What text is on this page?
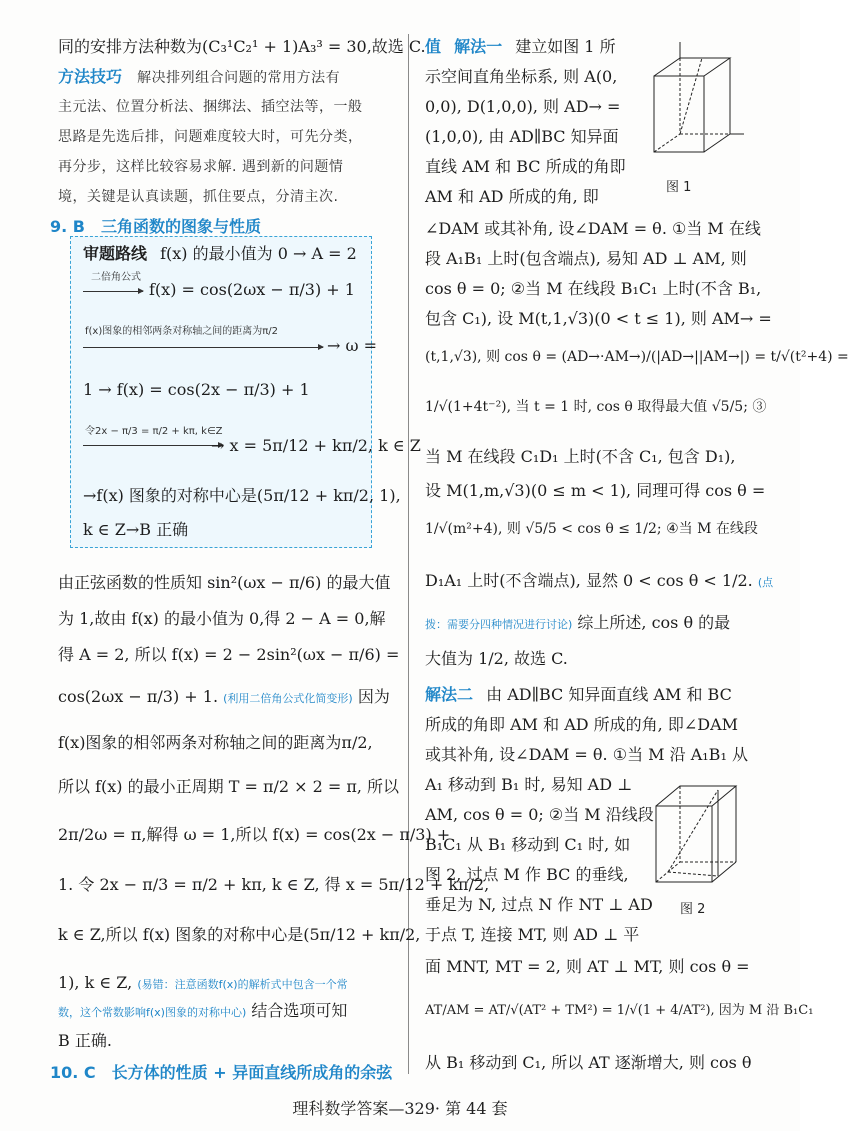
同的安排方法种数为(C₃¹C₂¹ + 1)A₃³ = 30,故选 C.
方法技巧 解决排列组合问题的常用方法有
主元法、位置分析法、捆绑法、插空法等，一般
思路是先选后排，问题难度较大时，可先分类，
再分步，这样比较容易求解. 遇到新的问题情
境，关键是认真读题，抓住要点，分清主次.
9. B　三角函数的图象与性质
审题路线 f(x) 的最小值为 0 → A = 2
二倍角公式
f(x) = cos(2ωx − π/3) + 1
f(x)图象的相邻两条对称轴之间的距离为π/2
→ ω =
1 → f(x) = cos(2x − π/3) + 1
令2x − π/3 = π/2 + kπ, k∈Z
→ x = 5π/12 + kπ/2, k ∈ Z
→f(x) 图象的对称中心是(5π/12 + kπ/2, 1),
k ∈ Z→B 正确
由正弦函数的性质知 sin²(ωx − π/6) 的最大值
为 1,故由 f(x) 的最小值为 0,得 2 − A = 0,解
得 A = 2, 所以 f(x) = 2 − 2sin²(ωx − π/6) =
cos(2ωx − π/3) + 1. (利用二倍角公式化简变形) 因为
f(x)图象的相邻两条对称轴之间的距离为π/2,
所以 f(x) 的最小正周期 T = π/2 × 2 = π, 所以
2π/2ω = π,解得 ω = 1,所以 f(x) = cos(2x − π/3) +
1. 令 2x − π/3 = π/2 + kπ, k ∈ Z, 得 x = 5π/12 + kπ/2,
k ∈ Z,所以 f(x) 图象的对称中心是(5π/12 + kπ/2,
1), k ∈ Z, (易错：注意函数f(x)的解析式中包含一个常
数，这个常数影响f(x)图象的对称中心) 结合选项可知
B 正确.
10. C　长方体的性质 + 异面直线所成角的余弦
值 解法一 建立如图 1 所
示空间直角坐标系, 则 A(0,
0,0), D(1,0,0), 则 AD→ =
(1,0,0), 由 AD∥BC 知异面
直线 AM 和 BC 所成的角即
AM 和 AD 所成的角, 即
∠DAM 或其补角, 设∠DAM = θ. ①当 M 在线
段 A₁B₁ 上时(包含端点), 易知 AD ⊥ AM, 则
cos θ = 0; ②当 M 在线段 B₁C₁ 上时(不含 B₁,
包含 C₁), 设 M(t,1,√3)(0 < t ≤ 1), 则 AM→ =
(t,1,√3), 则 cos θ = (AD→·AM→)/(|AD→||AM→|) = t/√(t²+4) =
1/√(1+4t⁻²), 当 t = 1 时, cos θ 取得最大值 √5/5; ③
当 M 在线段 C₁D₁ 上时(不含 C₁, 包含 D₁),
设 M(1,m,√3)(0 ≤ m < 1), 同理可得 cos θ =
1/√(m²+4), 则 √5/5 < cos θ ≤ 1/2; ④当 M 在线段
D₁A₁ 上时(不含端点), 显然 0 < cos θ < 1/2. (点
拨：需要分四种情况进行讨论) 综上所述, cos θ 的最
大值为 1/2, 故选 C.
解法二 由 AD∥BC 知异面直线 AM 和 BC
所成的角即 AM 和 AD 所成的角, 即∠DAM
或其补角, 设∠DAM = θ. ①当 M 沿 A₁B₁ 从
A₁ 移动到 B₁ 时, 易知 AD ⊥
AM, cos θ = 0; ②当 M 沿线段
B₁C₁ 从 B₁ 移动到 C₁ 时, 如
图 2, 过点 M 作 BC 的垂线,
垂足为 N, 过点 N 作 NT ⊥ AD
于点 T, 连接 MT, 则 AD ⊥ 平
面 MNT, MT = 2, 则 AT ⊥ MT, 则 cos θ =
AT/AM = AT/√(AT² + TM²) = 1/√(1 + 4/AT²), 因为 M 沿 B₁C₁
从 B₁ 移动到 C₁, 所以 AT 逐渐增大, 则 cos θ
图 1
图 2
理科数学答案—329· 第 44 套
